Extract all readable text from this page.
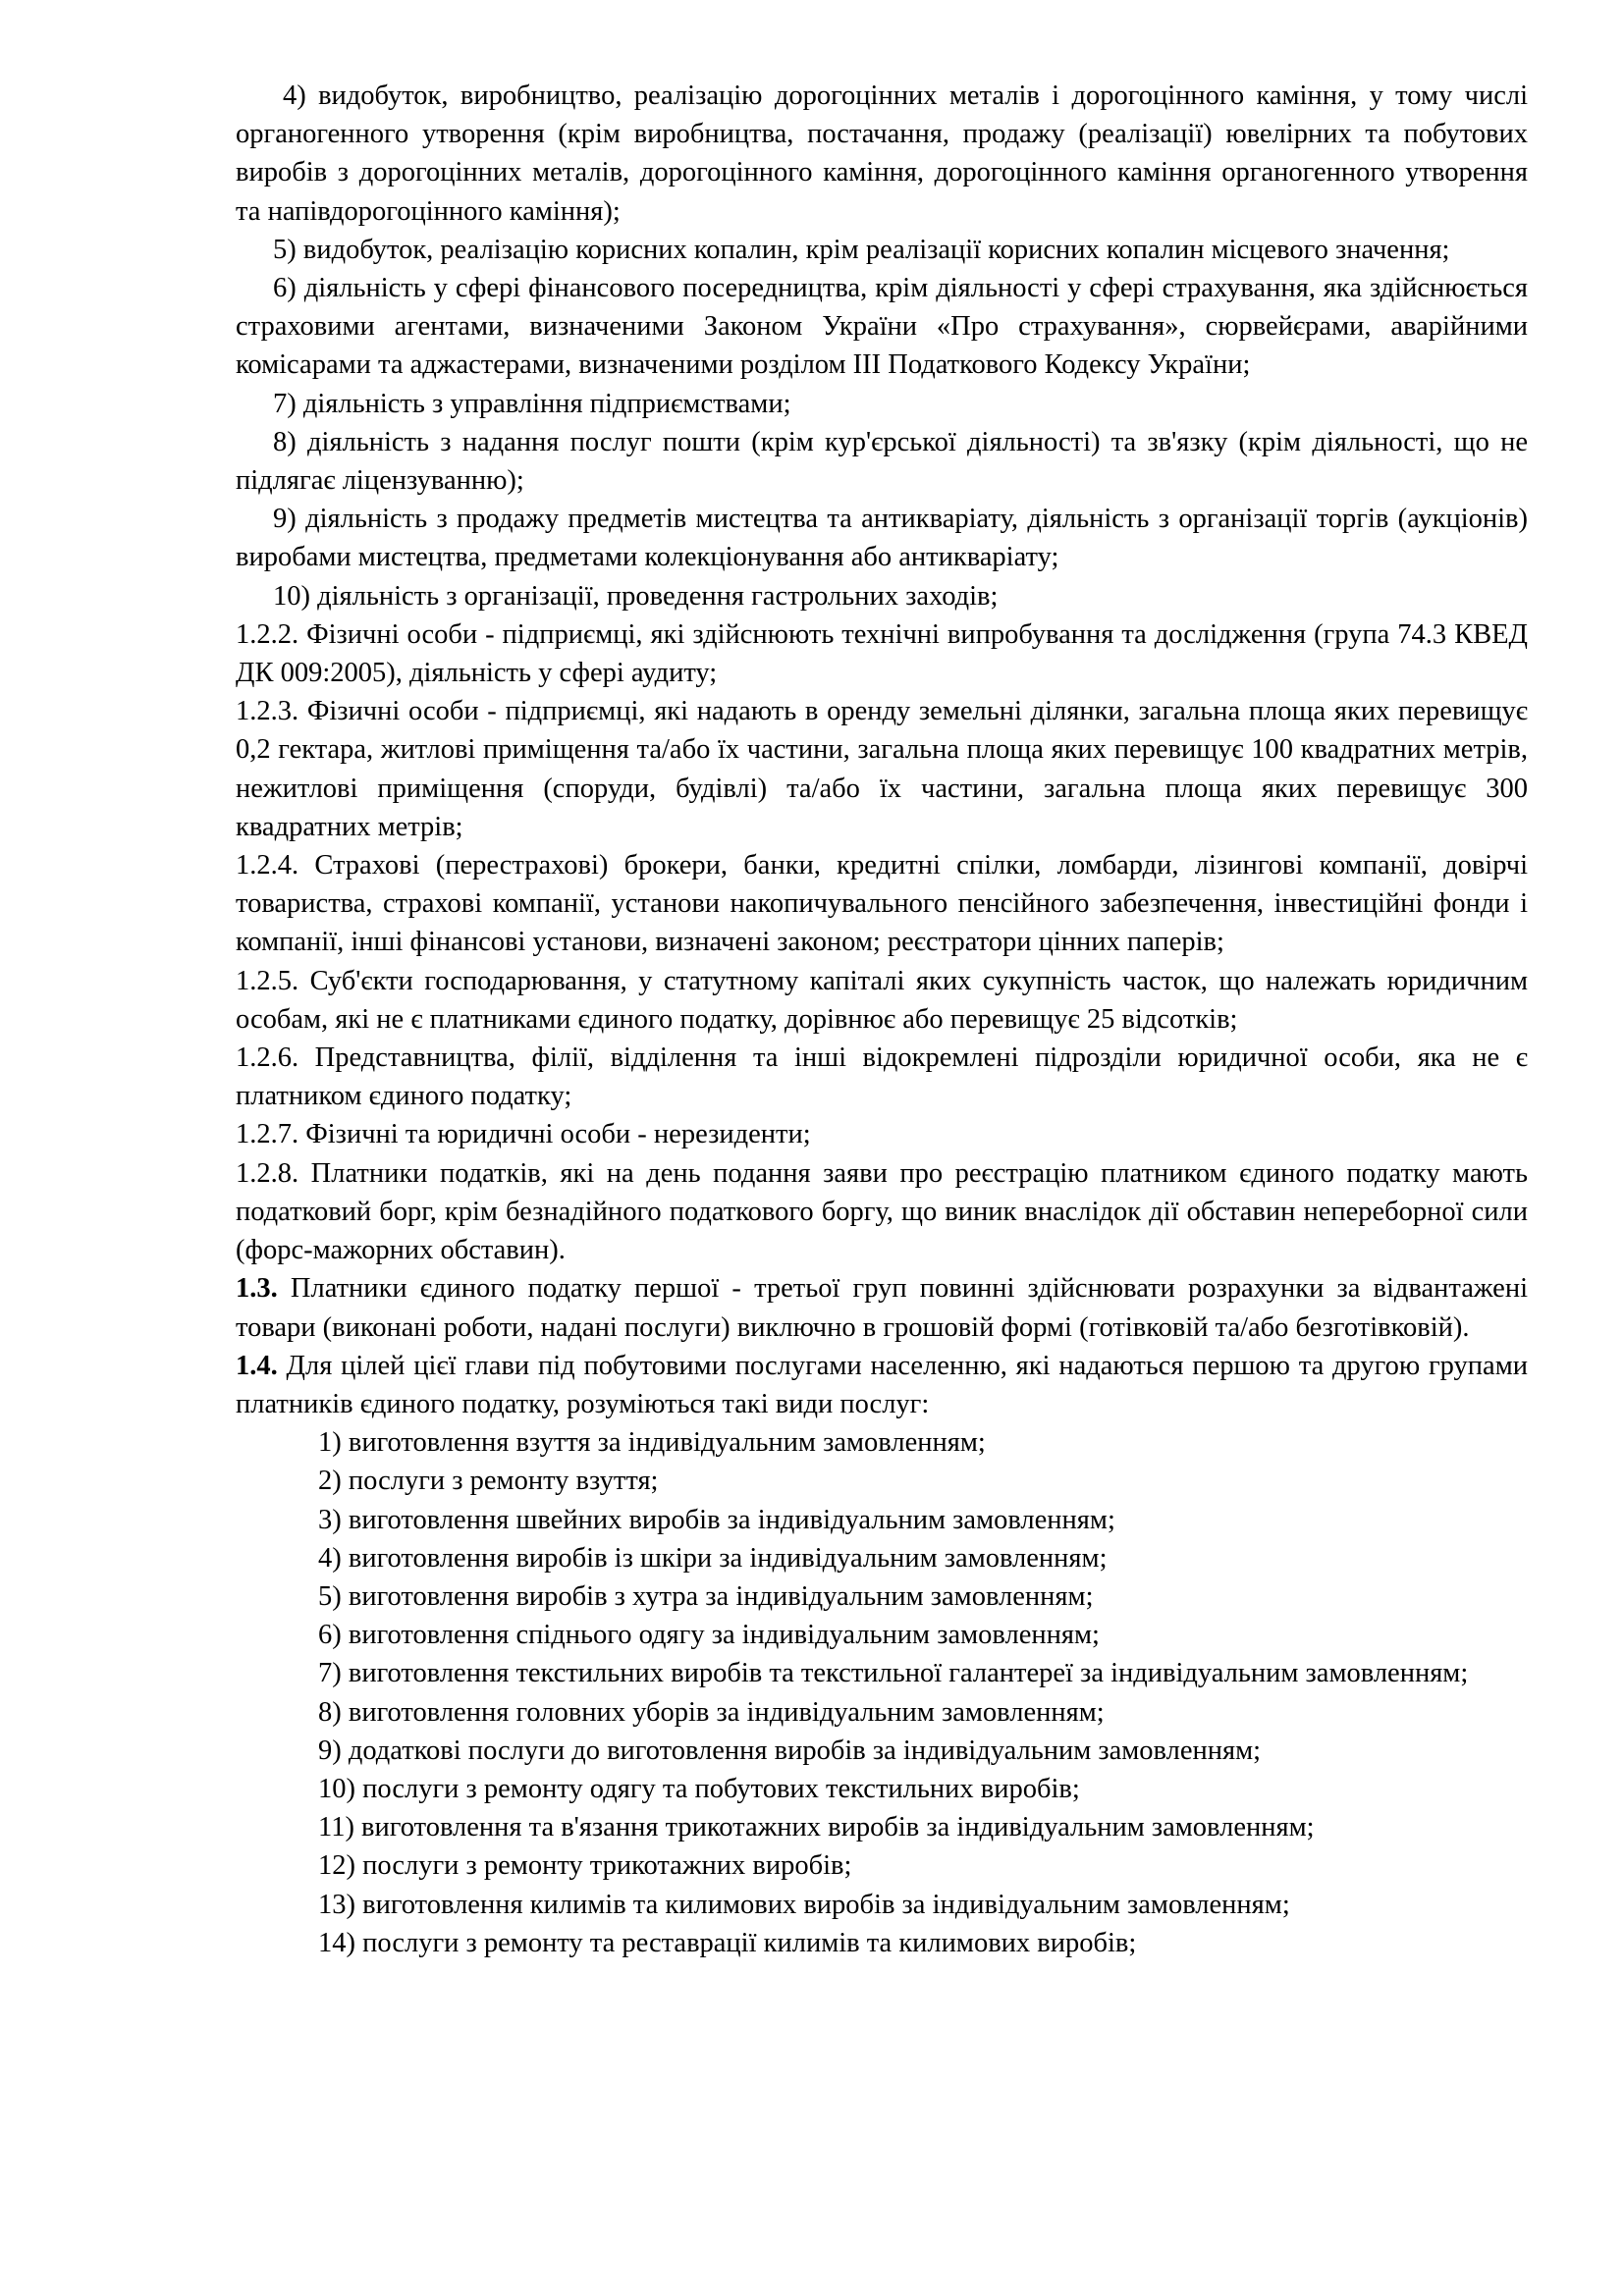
4) видобуток, виробництво, реалізацію дорогоцінних металів і дорогоцінного каміння, у тому числі органогенного утворення (крім виробництва, постачання, продажу (реалізації) ювелірних та побутових виробів з дорогоцінних металів, дорогоцінного каміння, дорогоцінного каміння органогенного утворення та напівдорогоцінного каміння);

5) видобуток, реалізацію корисних копалин, крім реалізації корисних копалин місцевого значення;

6) діяльність у сфері фінансового посередництва, крім діяльності у сфері страхування, яка здійснюється страховими агентами, визначеними Законом України «Про страхування», сюрвейєрами, аварійними комісарами та аджастерами, визначеними розділом III Податкового Кодексу України;

7) діяльність з управління підприємствами;

8) діяльність з надання послуг пошти (крім кур'єрської діяльності) та зв'язку (крім діяльності, що не підлягає ліцензуванню);

9) діяльність з продажу предметів мистецтва та антикваріату, діяльність з організації торгів (аукціонів) виробами мистецтва, предметами колекціонування або антикваріату;

10) діяльність з організації, проведення гастрольних заходів;

1.2.2. Фізичні особи - підприємці, які здійснюють технічні випробування та дослідження (група 74.3 КВЕД ДК 009:2005), діяльність у сфері аудиту;

1.2.3. Фізичні особи - підприємці, які надають в оренду земельні ділянки, загальна площа яких перевищує 0,2 гектара, житлові приміщення та/або їх частини, загальна площа яких перевищує 100 квадратних метрів, нежитлові приміщення (споруди, будівлі) та/або їх частини, загальна площа яких перевищує 300 квадратних метрів;

1.2.4. Страхові (перестрахові) брокери, банки, кредитні спілки, ломбарди, лізингові компанії, довірчі товариства, страхові компанії, установи накопичувального пенсійного забезпечення, інвестиційні фонди і компанії, інші фінансові установи, визначені законом; реєстратори цінних паперів;

1.2.5. Суб'єкти господарювання, у статутному капіталі яких сукупність часток, що належать юридичним особам, які не є платниками єдиного податку, дорівнює або перевищує 25 відсотків;

1.2.6. Представництва, філії, відділення та інші відокремлені підрозділи юридичної особи, яка не є платником єдиного податку;

1.2.7. Фізичні та юридичні особи - нерезиденти;

1.2.8. Платники податків, які на день подання заяви про реєстрацію платником єдиного податку мають податковий борг, крім безнадійного податкового боргу, що виник внаслідок дії обставин непереборної сили (форс-мажорних обставин).

1.3. Платники єдиного податку першої - третьої груп повинні здійснювати розрахунки за відвантажені товари (виконані роботи, надані послуги) виключно в грошовій формі (готівковій та/або безготівковій).

1.4. Для цілей цієї глави під побутовими послугами населенню, які надаються першою та другою групами платників єдиного податку, розуміються такі види послуг:

1) виготовлення взуття за індивідуальним замовленням;

2) послуги з ремонту взуття;

3) виготовлення швейних виробів за індивідуальним замовленням;

4) виготовлення виробів із шкіри за індивідуальним замовленням;

5) виготовлення виробів з хутра за індивідуальним замовленням;

6) виготовлення спіднього одягу за індивідуальним замовленням;

7) виготовлення текстильних виробів та текстильної галантереї за індивідуальним замовленням;

8) виготовлення головних уборів за індивідуальним замовленням;

9) додаткові послуги до виготовлення виробів за індивідуальним замовленням;

10) послуги з ремонту одягу та побутових текстильних виробів;

11) виготовлення та в'язання трикотажних виробів за індивідуальним замовленням;

12) послуги з ремонту трикотажних виробів;

13) виготовлення килимів та килимових виробів за індивідуальним замовленням;

14) послуги з ремонту та реставрації килимів та килимових виробів;
